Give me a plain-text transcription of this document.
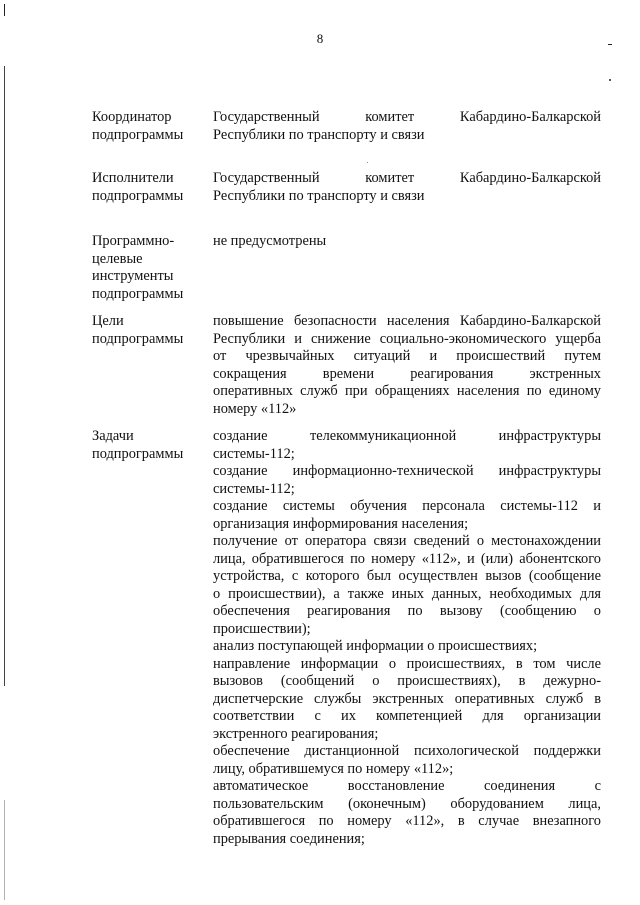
8
Координатор
подпрограммы
Государственный комитет Кабардино-Балкарской
Республики по транспорту и связи
Исполнители
подпрограммы
Государственный комитет Кабардино-Балкарской
Республики по транспорту и связи
Программно-
целевые
инструменты
подпрограммы
не предусмотрены
Цели
подпрограммы
повышение безопасности населения Кабардино-Балкарской
Республики и снижение социально-экономического ущерба
от чрезвычайных ситуаций и происшествий путем
сокращения времени реагирования экстренных
оперативных служб при обращениях населения по единому
номеру «112»
Задачи
подпрограммы
создание телекоммуникационной инфраструктуры
системы-112;
создание информационно-технической инфраструктуры
системы-112;
создание системы обучения персонала системы-112 и
организация информирования населения;
получение от оператора связи сведений о местонахождении
лица, обратившегося по номеру «112», и (или) абонентского
устройства, с которого был осуществлен вызов (сообщение
о происшествии), а также иных данных, необходимых для
обеспечения реагирования по вызову (сообщению о
происшествии);
анализ поступающей информации о происшествиях;
направление информации о происшествиях, в том числе
вызовов (сообщений о происшествиях), в дежурно-
диспетчерские службы экстренных оперативных служб в
соответствии с их компетенцией для организации
экстренного реагирования;
обеспечение дистанционной психологической поддержки
лицу, обратившемуся по номеру «112»;
автоматическое восстановление соединения с
пользовательским (оконечным) оборудованием лица,
обратившегося по номеру «112», в случае внезапного
прерывания соединения;
